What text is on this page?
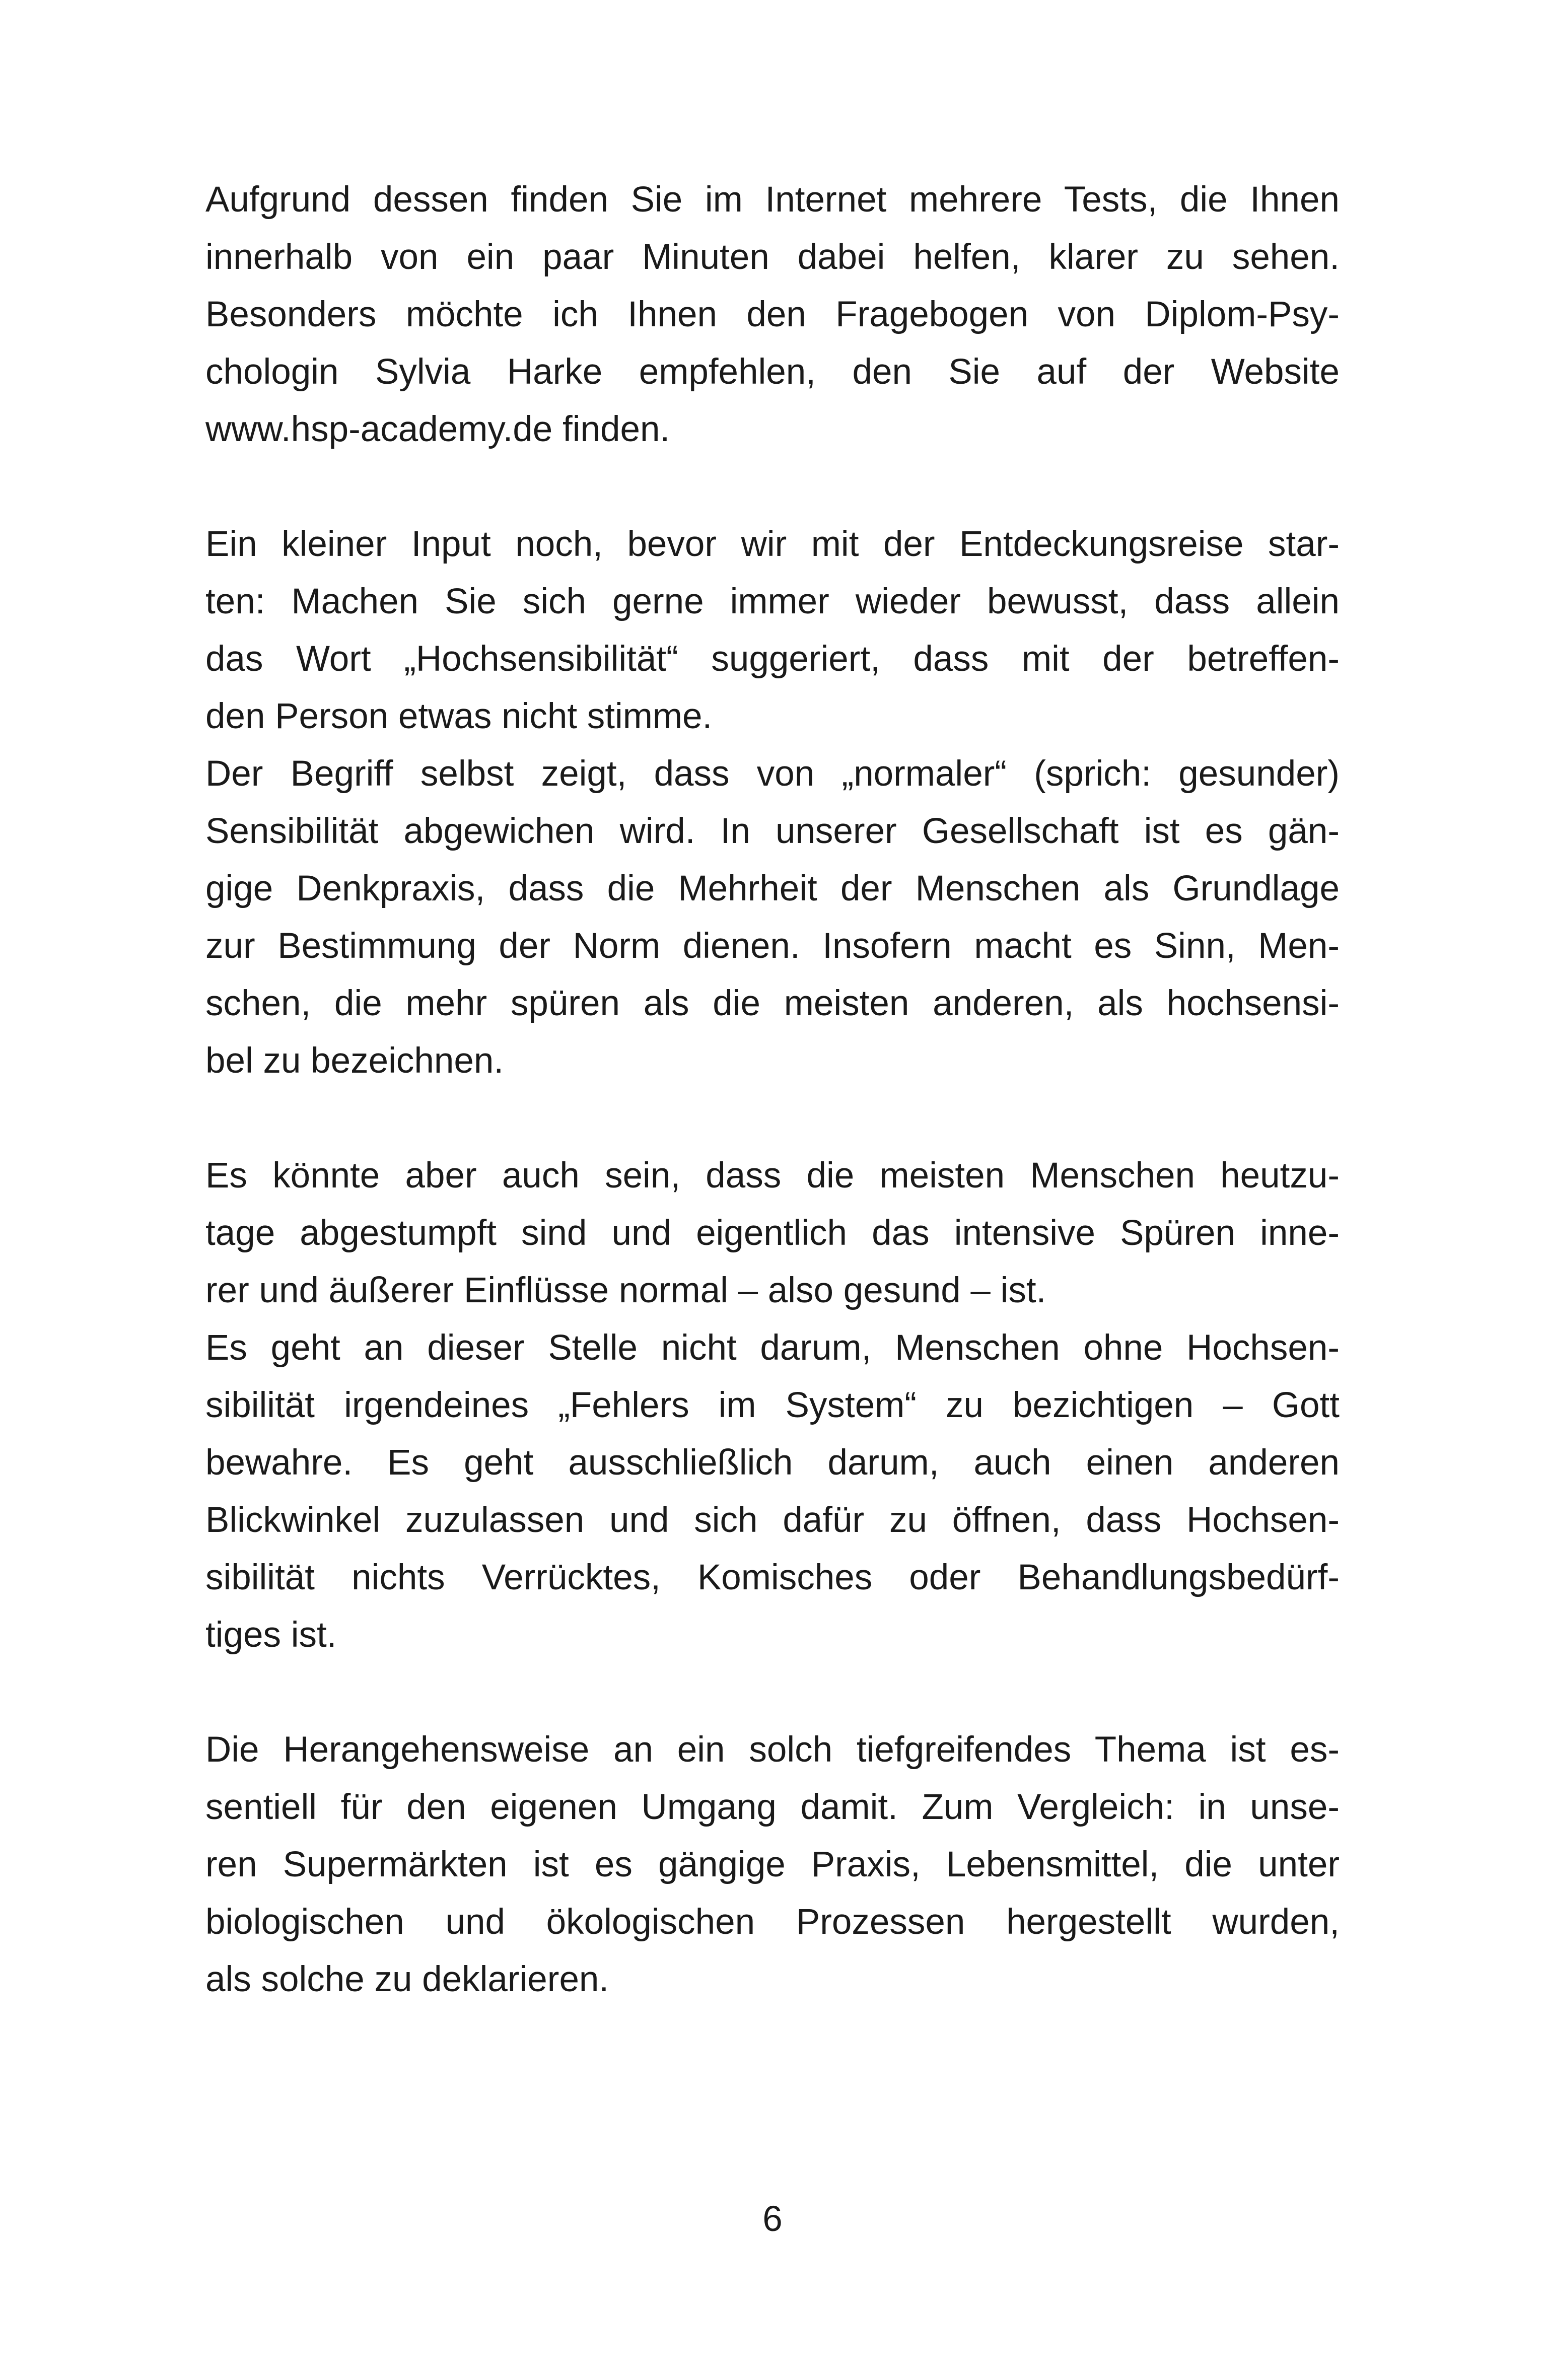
Aufgrund dessen finden Sie im Internet mehrere Tests, die Ihnen
innerhalb von ein paar Minuten dabei helfen, klarer zu sehen.
Besonders möchte ich Ihnen den Fragebogen von Diplom-Psy-
chologin Sylvia Harke empfehlen, den Sie auf der Website
www.hsp-academy.de finden.

Ein kleiner Input noch, bevor wir mit der Entdeckungsreise star-
ten: Machen Sie sich gerne immer wieder bewusst, dass allein
das Wort „Hochsensibilität“ suggeriert, dass mit der betreffen-
den Person etwas nicht stimme.

Der Begriff selbst zeigt, dass von „normaler“ (sprich: gesunder)
Sensibilität abgewichen wird. In unserer Gesellschaft ist es gän-
gige Denkpraxis, dass die Mehrheit der Menschen als Grundlage
zur Bestimmung der Norm dienen. Insofern macht es Sinn, Men-
schen, die mehr spüren als die meisten anderen, als hochsensi-
bel zu bezeichnen.

Es könnte aber auch sein, dass die meisten Menschen heutzu-
tage abgestumpft sind und eigentlich das intensive Spüren inne-
rer und äußerer Einflüsse normal – also gesund – ist.

Es geht an dieser Stelle nicht darum, Menschen ohne Hochsen-
sibilität irgendeines „Fehlers im System“ zu bezichtigen – Gott
bewahre. Es geht ausschließlich darum, auch einen anderen
Blickwinkel zuzulassen und sich dafür zu öffnen, dass Hochsen-
sibilität nichts Verrücktes, Komisches oder Behandlungsbedürf-
tiges ist.

Die Herangehensweise an ein solch tiefgreifendes Thema ist es-
sentiell für den eigenen Umgang damit. Zum Vergleich: in unse-
ren Supermärkten ist es gängige Praxis, Lebensmittel, die unter
biologischen und ökologischen Prozessen hergestellt wurden,
als solche zu deklarieren.

6
